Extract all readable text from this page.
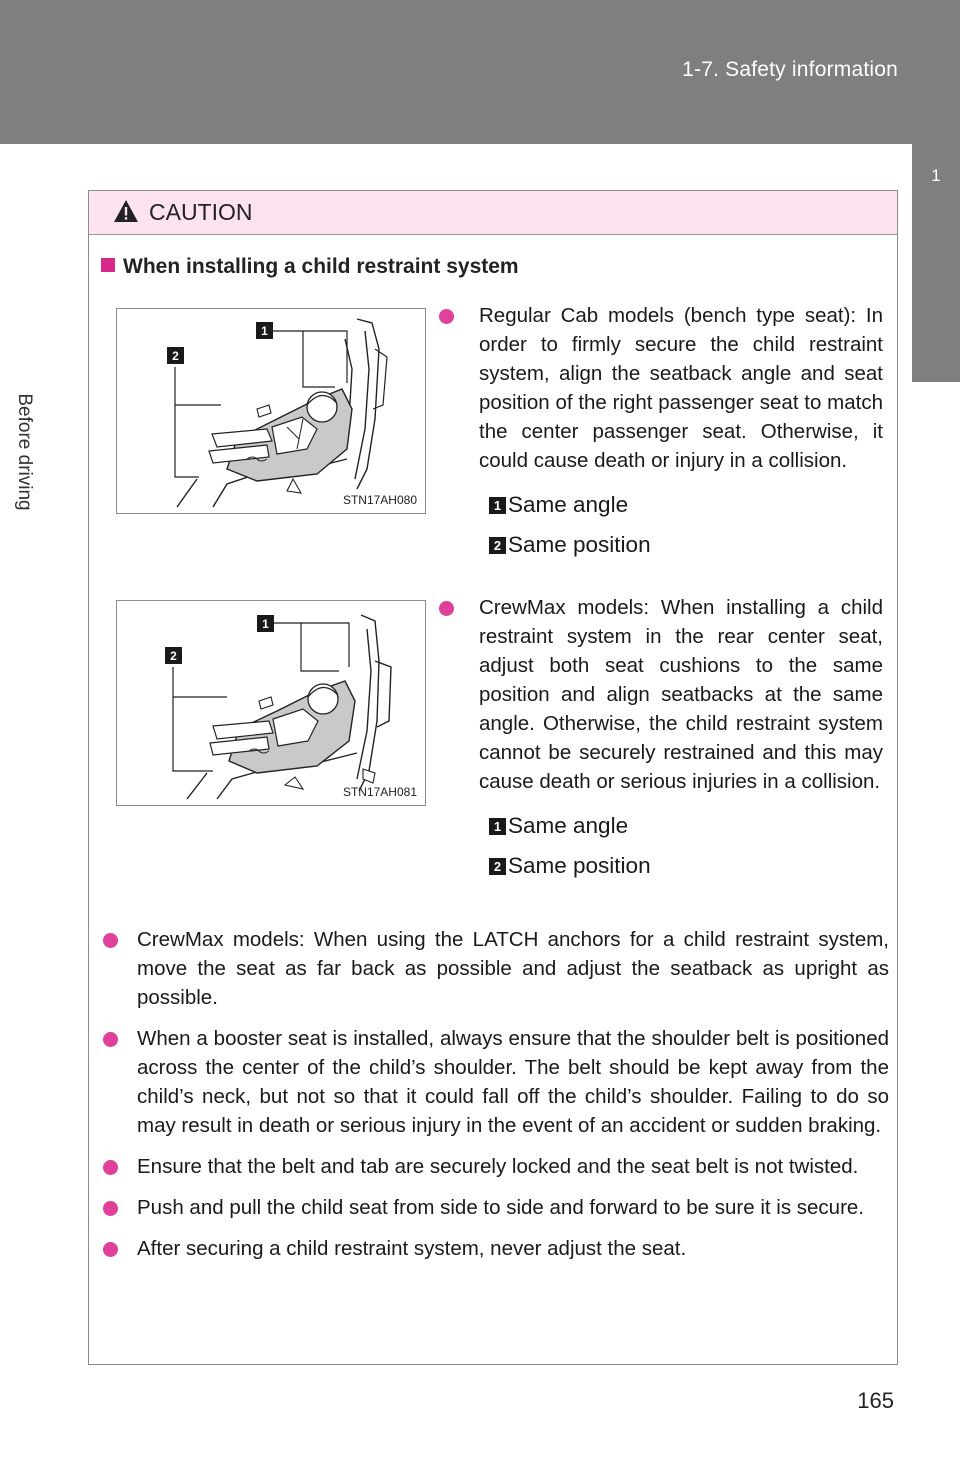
1-7. Safety information
1
Before driving
CAUTION
When installing a child restraint system
1
2
STN17AH080
1
2
STN17AH081
Regular Cab models (bench type seat): In order to firmly secure the child restraint system, align the seatback angle and seat position of the right passenger seat to match the center passenger seat. Otherwise, it could cause death or injury in a collision.
1 Same angle
2 Same position
CrewMax models: When installing a child restraint system in the rear center seat, adjust both seat cushions to the same position and align seatbacks at the same angle. Otherwise, the child restraint system cannot be securely restrained and this may cause death or serious injuries in a collision.
1 Same angle
2 Same position
CrewMax models: When using the LATCH anchors for a child restraint system, move the seat as far back as possible and adjust the seatback as upright as possible.
When a booster seat is installed, always ensure that the shoulder belt is positioned across the center of the child’s shoulder. The belt should be kept away from the child’s neck, but not so that it could fall off the child’s shoulder. Failing to do so may result in death or serious injury in the event of an accident or sudden braking.
Ensure that the belt and tab are securely locked and the seat belt is not twisted.
Push and pull the child seat from side to side and forward to be sure it is secure.
After securing a child restraint system, never adjust the seat.
165
